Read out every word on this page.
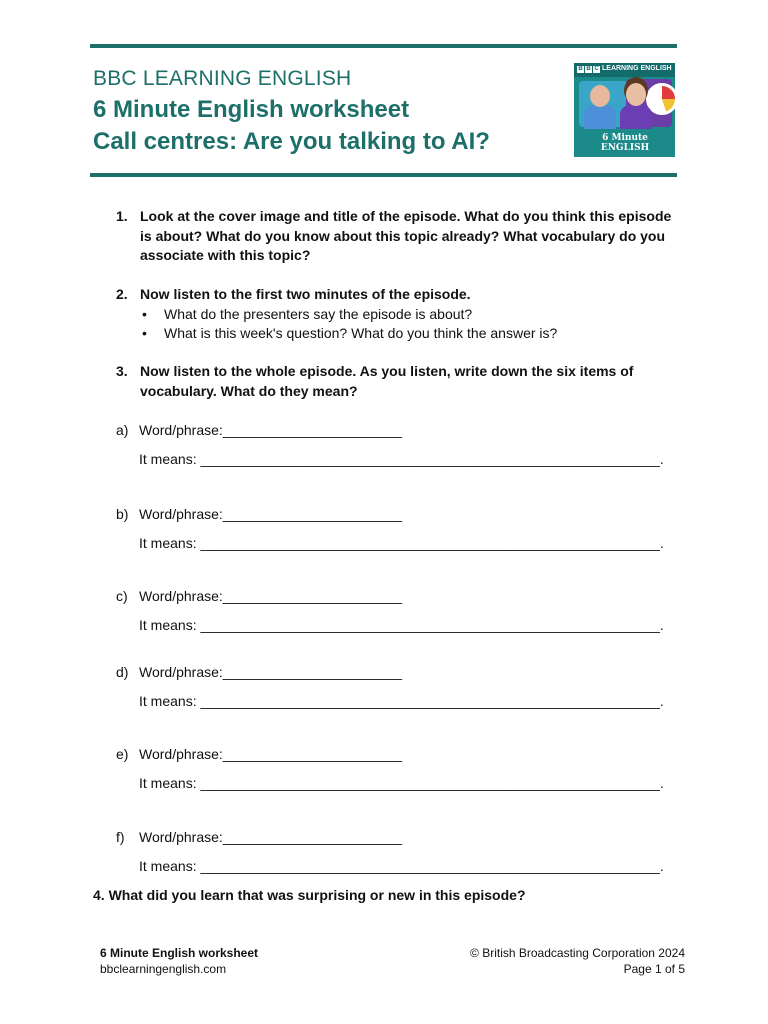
BBC LEARNING ENGLISH
6 Minute English worksheet
Call centres: Are you talking to AI?
B B C LEARNING ENGLISH
6 Minute
ENGLISH
1. Look at the cover image and title of the episode. What do you think this episode is about? What do you know about this topic already? What vocabulary do you associate with this topic?
2. Now listen to the first two minutes of the episode.
• What do the presenters say the episode is about?
• What is this week's question? What do you think the answer is?
3. Now listen to the whole episode. As you listen, write down the six items of vocabulary. What do they mean?
a) Word/phrase:_______________________
It means: ___________________________________________________________.
b) Word/phrase:_______________________
It means: ___________________________________________________________.
c) Word/phrase:_______________________
It means: ___________________________________________________________.
d) Word/phrase:_______________________
It means: ___________________________________________________________.
e) Word/phrase:_______________________
It means: ___________________________________________________________.
f) Word/phrase:_______________________
It means: ___________________________________________________________.
4. What did you learn that was surprising or new in this episode?
6 Minute English worksheet
bbclearningenglish.com
© British Broadcasting Corporation 2024
Page 1 of 5
